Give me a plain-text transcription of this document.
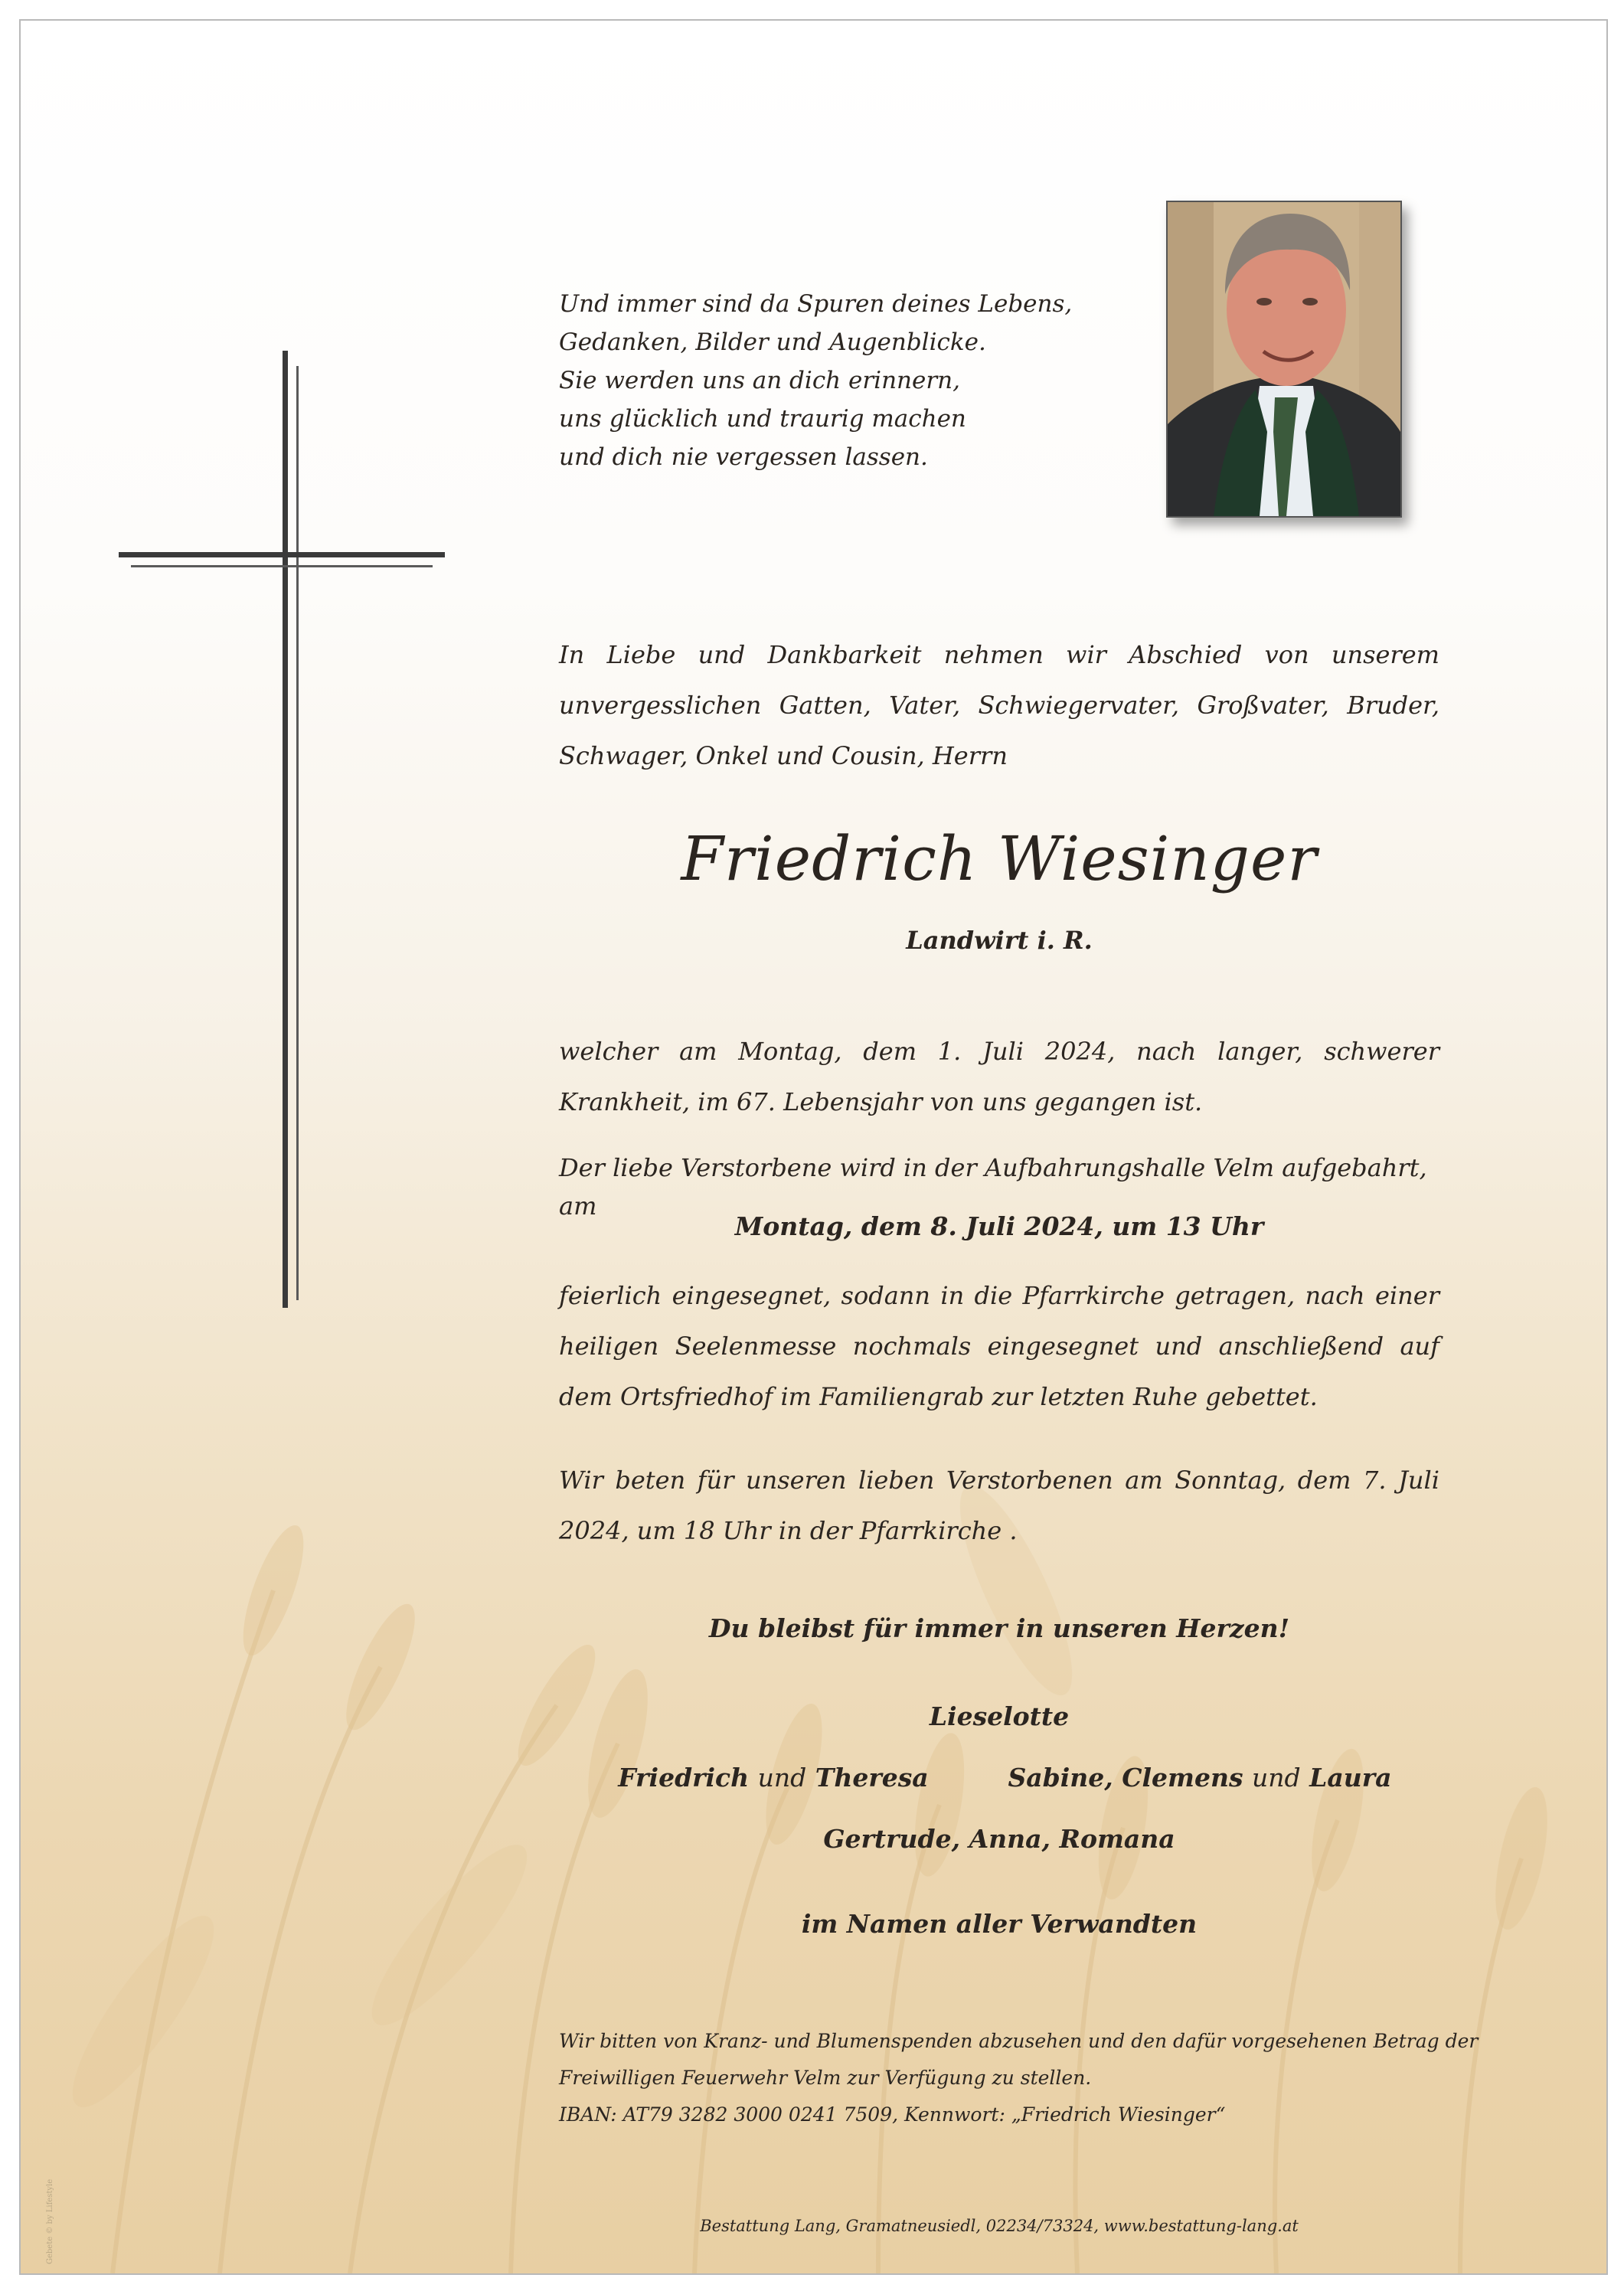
Und immer sind da Spuren deines Lebens,
Gedanken, Bilder und Augenblicke.
Sie werden uns an dich erinnern,
uns glücklich und traurig machen
und dich nie vergessen lassen.

In Liebe und Dankbarkeit nehmen wir Abschied von unserem unvergesslichen Gatten, Vater, Schwiegervater, Großvater, Bruder, Schwager, Onkel und Cousin, Herrn

Friedrich Wiesinger
Landwirt i. R.

welcher am Montag, dem 1. Juli 2024, nach langer, schwerer Krankheit, im 67. Lebensjahr von uns gegangen ist.

Der liebe Verstorbene wird in der Aufbahrungshalle Velm aufgebahrt, am

Montag, dem 8. Juli 2024, um 13 Uhr

feierlich eingesegnet, sodann in die Pfarrkirche getragen, nach einer heiligen Seelenmesse nochmals eingesegnet und anschließend auf dem Ortsfriedhof im Familiengrab zur letzten Ruhe gebettet.

Wir beten für unseren lieben Verstorbenen am Sonntag, dem 7. Juli 2024, um 18 Uhr in der Pfarrkirche .

Du bleibst für immer in unseren Herzen!
Lieselotte
Friedrich und Theresa	Sabine, Clemens und Laura
Gertrude, Anna, Romana
im Namen aller Verwandten
Wir bitten von Kranz- und Blumenspenden abzusehen und den dafür vorgesehenen Betrag der
Freiwilligen Feuerwehr Velm zur Verfügung zu stellen.
IBAN: AT79 3282 3000 0241 7509, Kennwort: „Friedrich Wiesinger“
Bestattung Lang, Gramatneusiedl, 02234/73324, www.bestattung-lang.at
Gebete © by Lifestyle
